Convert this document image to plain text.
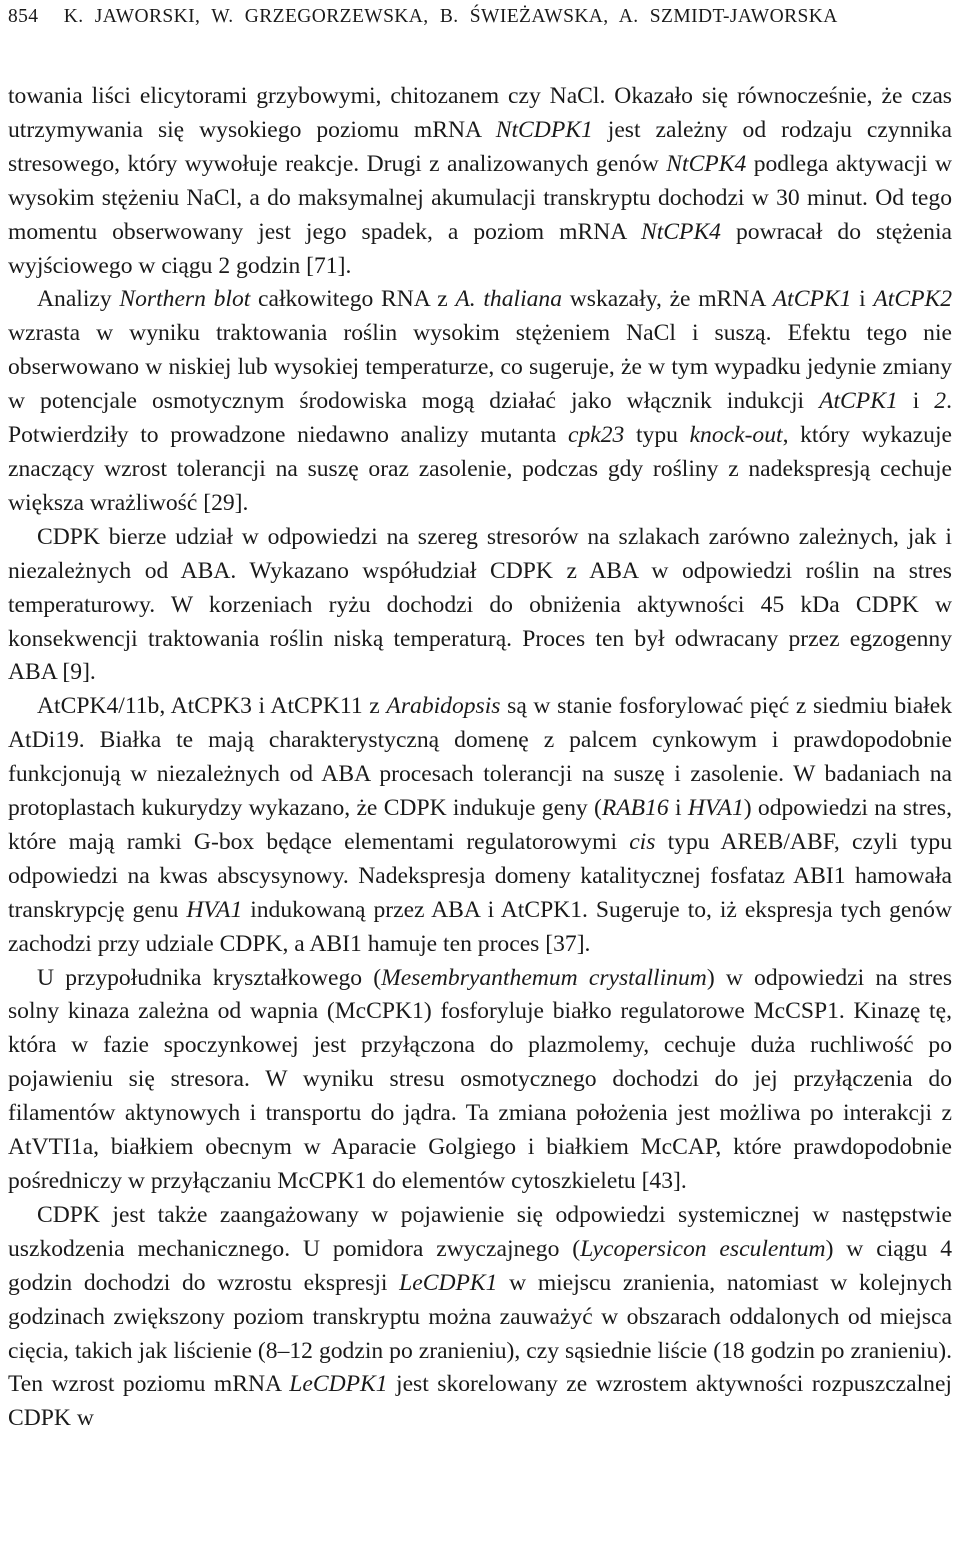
854 K. JAWORSKI, W. GRZEGORZEWSKA, B. ŚWIEŻAWSKA, A. SZMIDT-JAWORSKA

towania liści elicytorami grzybowymi, chitozanem czy NaCl. Okazało się równocześnie, że czas utrzymywania się wysokiego poziomu mRNA NtCDPK1 jest zależny od rodzaju czynnika stresowego, który wywołuje reakcje. Drugi z analizowanych genów NtCPK4 podlega aktywacji w wysokim stężeniu NaCl, a do maksymalnej akumulacji transkryptu dochodzi w 30 minut. Od tego momentu obserwowany jest jego spadek, a poziom mRNA NtCPK4 powracał do stężenia wyjściowego w ciągu 2 godzin [71].

Analizy Northern blot całkowitego RNA z A. thaliana wskazały, że mRNA AtCPK1 i AtCPK2 wzrasta w wyniku traktowania roślin wysokim stężeniem NaCl i suszą. Efektu tego nie obserwowano w niskiej lub wysokiej temperaturze, co sugeruje, że w tym wypadku jedynie zmiany w potencjale osmotycznym środowiska mogą działać jako włącznik indukcji AtCPK1 i 2. Potwierdziły to prowadzone niedawno analizy mutanta cpk23 typu knock-out, który wykazuje znaczący wzrost tolerancji na suszę oraz zasolenie, podczas gdy rośliny z nadekspresją cechuje większa wrażliwość [29].

CDPK bierze udział w odpowiedzi na szereg stresorów na szlakach zarówno zależnych, jak i niezależnych od ABA. Wykazano współudział CDPK z ABA w odpowiedzi roślin na stres temperaturowy. W korzeniach ryżu dochodzi do obniżenia aktywności 45 kDa CDPK w konsekwencji traktowania roślin niską temperaturą. Proces ten był odwracany przez egzogenny ABA [9].

AtCPK4/11b, AtCPK3 i AtCPK11 z Arabidopsis są w stanie fosforylować pięć z siedmiu białek AtDi19. Białka te mają charakterystyczną domenę z palcem cynkowym i prawdopodobnie funkcjonują w niezależnych od ABA procesach tolerancji na suszę i zasolenie. W badaniach na protoplastach kukurydzy wykazano, że CDPK indukuje geny (RAB16 i HVA1) odpowiedzi na stres, które mają ramki G-box będące elementami regulatorowymi cis typu AREB/ABF, czyli typu odpowiedzi na kwas abscysynowy. Nadekspresja domeny katalitycznej fosfataz ABI1 hamowała transkrypcję genu HVA1 indukowaną przez ABA i AtCPK1. Sugeruje to, iż ekspresja tych genów zachodzi przy udziale CDPK, a ABI1 hamuje ten proces [37].

U przypołudnika kryształkowego (Mesembryanthemum crystallinum) w odpowiedzi na stres solny kinaza zależna od wapnia (McCPK1) fosforyluje białko regulatorowe McCSP1. Kinazę tę, która w fazie spoczynkowej jest przyłączona do plazmolemy, cechuje duża ruchliwość po pojawieniu się stresora. W wyniku stresu osmotycznego dochodzi do jej przyłączenia do filamentów aktynowych i transportu do jądra. Ta zmiana położenia jest możliwa po interakcji z AtVTI1a, białkiem obecnym w Aparacie Golgiego i białkiem McCAP, które prawdopodobnie pośredniczy w przyłączaniu McCPK1 do elementów cytoszkieletu [43].

CDPK jest także zaangażowany w pojawienie się odpowiedzi systemicznej w następstwie uszkodzenia mechanicznego. U pomidora zwyczajnego (Lycopersicon esculentum) w ciągu 4 godzin dochodzi do wzrostu ekspresji LeCDPK1 w miejscu zranienia, natomiast w kolejnych godzinach zwiększony poziom transkryptu można zauważyć w obszarach oddalonych od miejsca cięcia, takich jak liścienie (8–12 godzin po zranieniu), czy sąsiednie liście (18 godzin po zranieniu). Ten wzrost poziomu mRNA LeCDPK1 jest skorelowany ze wzrostem aktywności rozpuszczalnej CDPK w
